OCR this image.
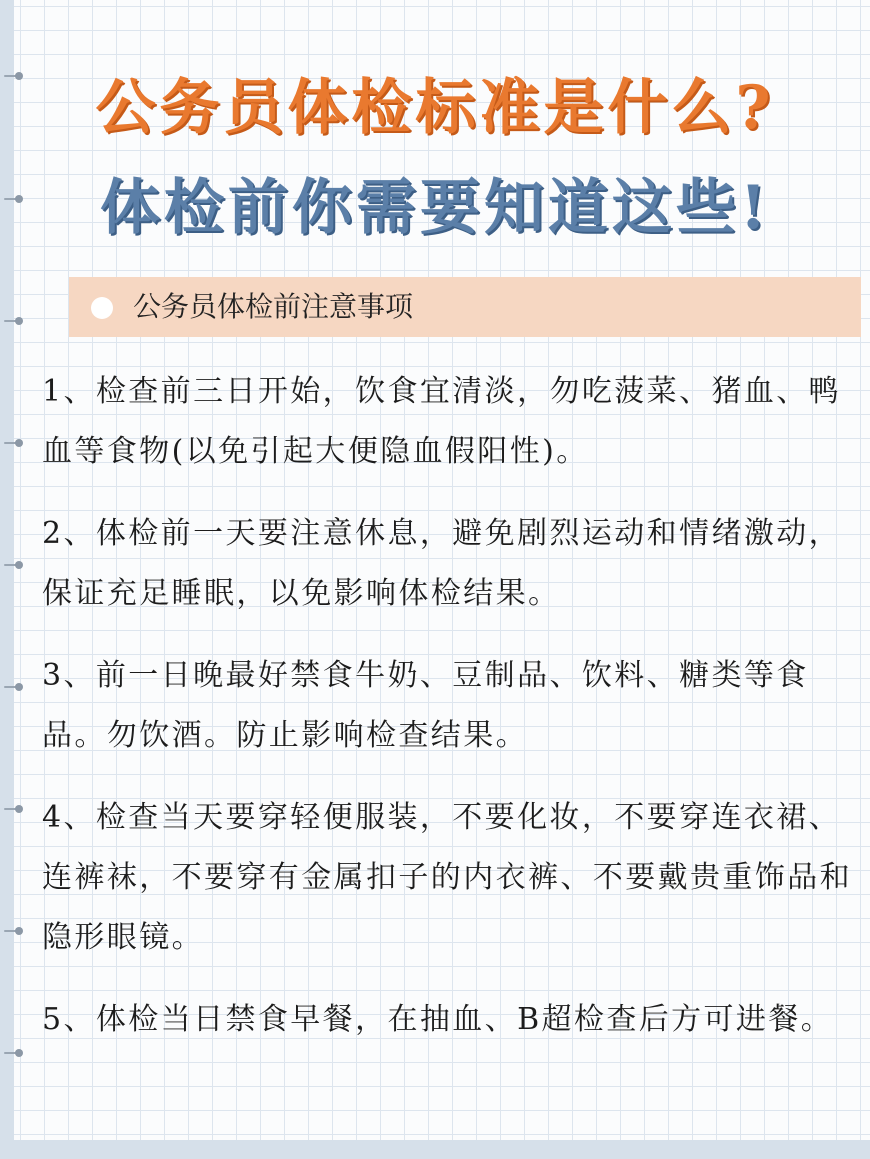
公务员体检前注意事项
公务员体检标准是什么?
体检前你需要知道这些!

1、检查前三日开始，饮食宜清淡，勿吃菠菜、猪血、鸭血等食物(以免引起大便隐血假阳性)。

2、体检前一天要注意休息，避免剧烈运动和情绪激动，保证充足睡眠，以免影响体检结果。

3、前一日晚最好禁食牛奶、豆制品、饮料、糖类等食品。勿饮酒。防止影响检查结果。

4、检查当天要穿轻便服装，不要化妆，不要穿连衣裙、连裤袜，不要穿有金属扣子的内衣裤、不要戴贵重饰品和隐形眼镜。

5、体检当日禁食早餐，在抽血、B超检查后方可进餐。
